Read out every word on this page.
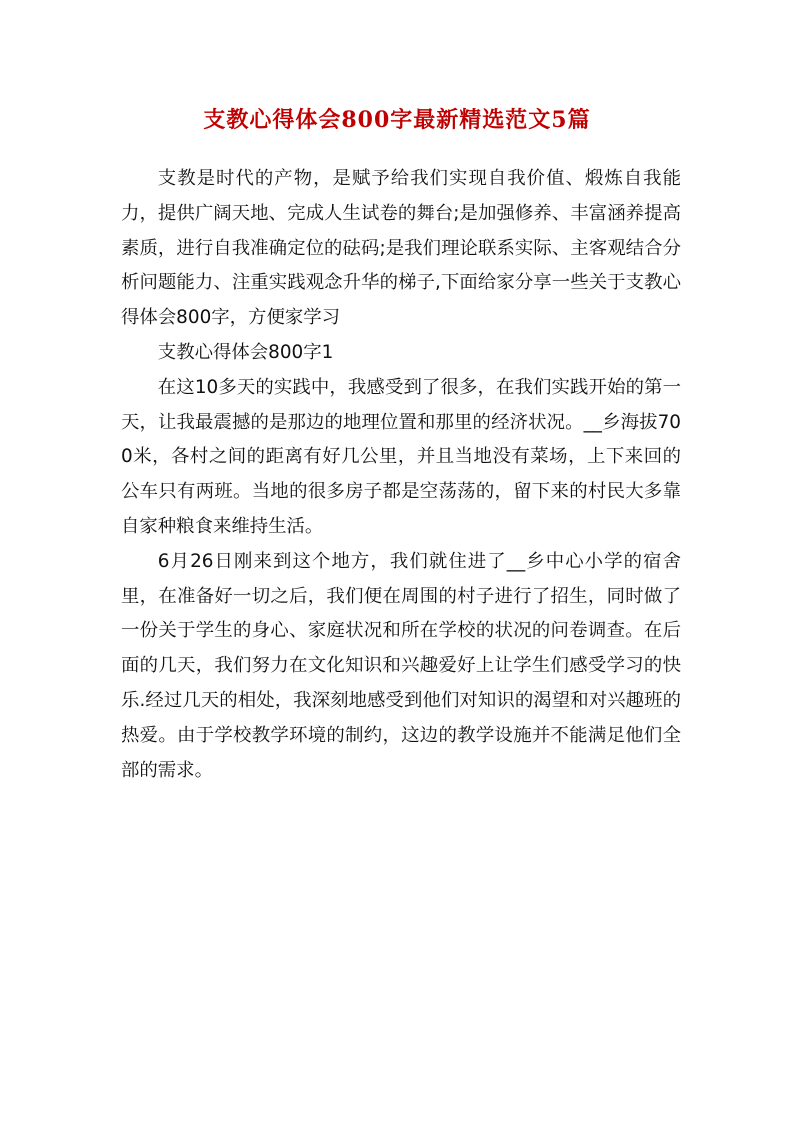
支教心得体会800字最新精选范文5篇

支教是时代的产物，是赋予给我们实现自我价值、煅炼自我能力，提供广阔天地、完成人生试卷的舞台;是加强修养、丰富涵养提高素质，进行自我准确定位的砝码;是我们理论联系实际、主客观结合分析问题能力、注重实践观念升华的梯子,下面给家分享一些关于支教心得体会800字，方便家学习

支教心得体会800字1

在这10多天的实践中，我感受到了很多，在我们实践开始的第一天，让我最震撼的是那边的地理位置和那里的经济状况。__乡海拔700米，各村之间的距离有好几公里，并且当地没有菜场，上下来回的公车只有两班。当地的很多房子都是空荡荡的，留下来的村民大多靠自家种粮食来维持生活。

6月26日刚来到这个地方，我们就住进了__乡中心小学的宿舍里，在准备好一切之后，我们便在周围的村子进行了招生，同时做了一份关于学生的身心、家庭状况和所在学校的状况的问卷调查。在后面的几天，我们努力在文化知识和兴趣爱好上让学生们感受学习的快乐.经过几天的相处，我深刻地感受到他们对知识的渴望和对兴趣班的热爱。由于学校教学环境的制约，这边的教学设施并不能满足他们全部的需求。
